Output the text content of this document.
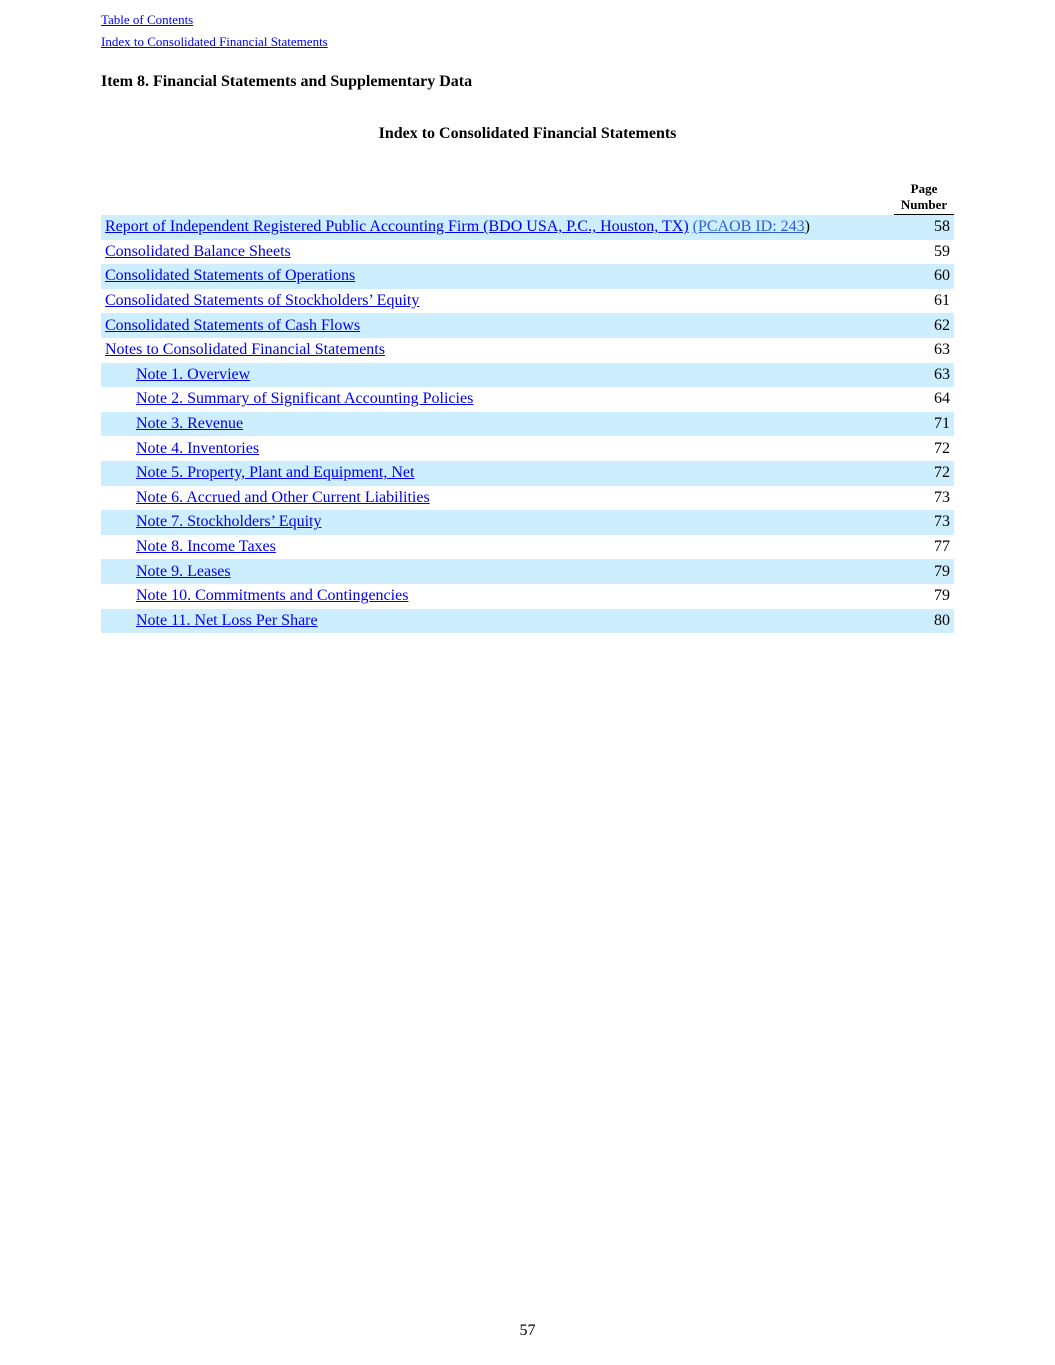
Table of Contents
Index to Consolidated Financial Statements
Item 8. Financial Statements and Supplementary Data
Index to Consolidated Financial Statements

	Page
Number

Report of Independent Registered Public Accounting Firm (BDO USA, P.C., Houston, TX) (PCAOB ID: 243)	58
Consolidated Balance Sheets	59
Consolidated Statements of Operations	60
Consolidated Statements of Stockholders’ Equity	61
Consolidated Statements of Cash Flows	62
Notes to Consolidated Financial Statements	63
Note 1. Overview	63
Note 2. Summary of Significant Accounting Policies	64
Note 3. Revenue	71
Note 4. Inventories	72
Note 5. Property, Plant and Equipment, Net	72
Note 6. Accrued and Other Current Liabilities	73
Note 7. Stockholders’ Equity	73
Note 8. Income Taxes	77
Note 9. Leases	79
Note 10. Commitments and Contingencies	79
Note 11. Net Loss Per Share	80
57
